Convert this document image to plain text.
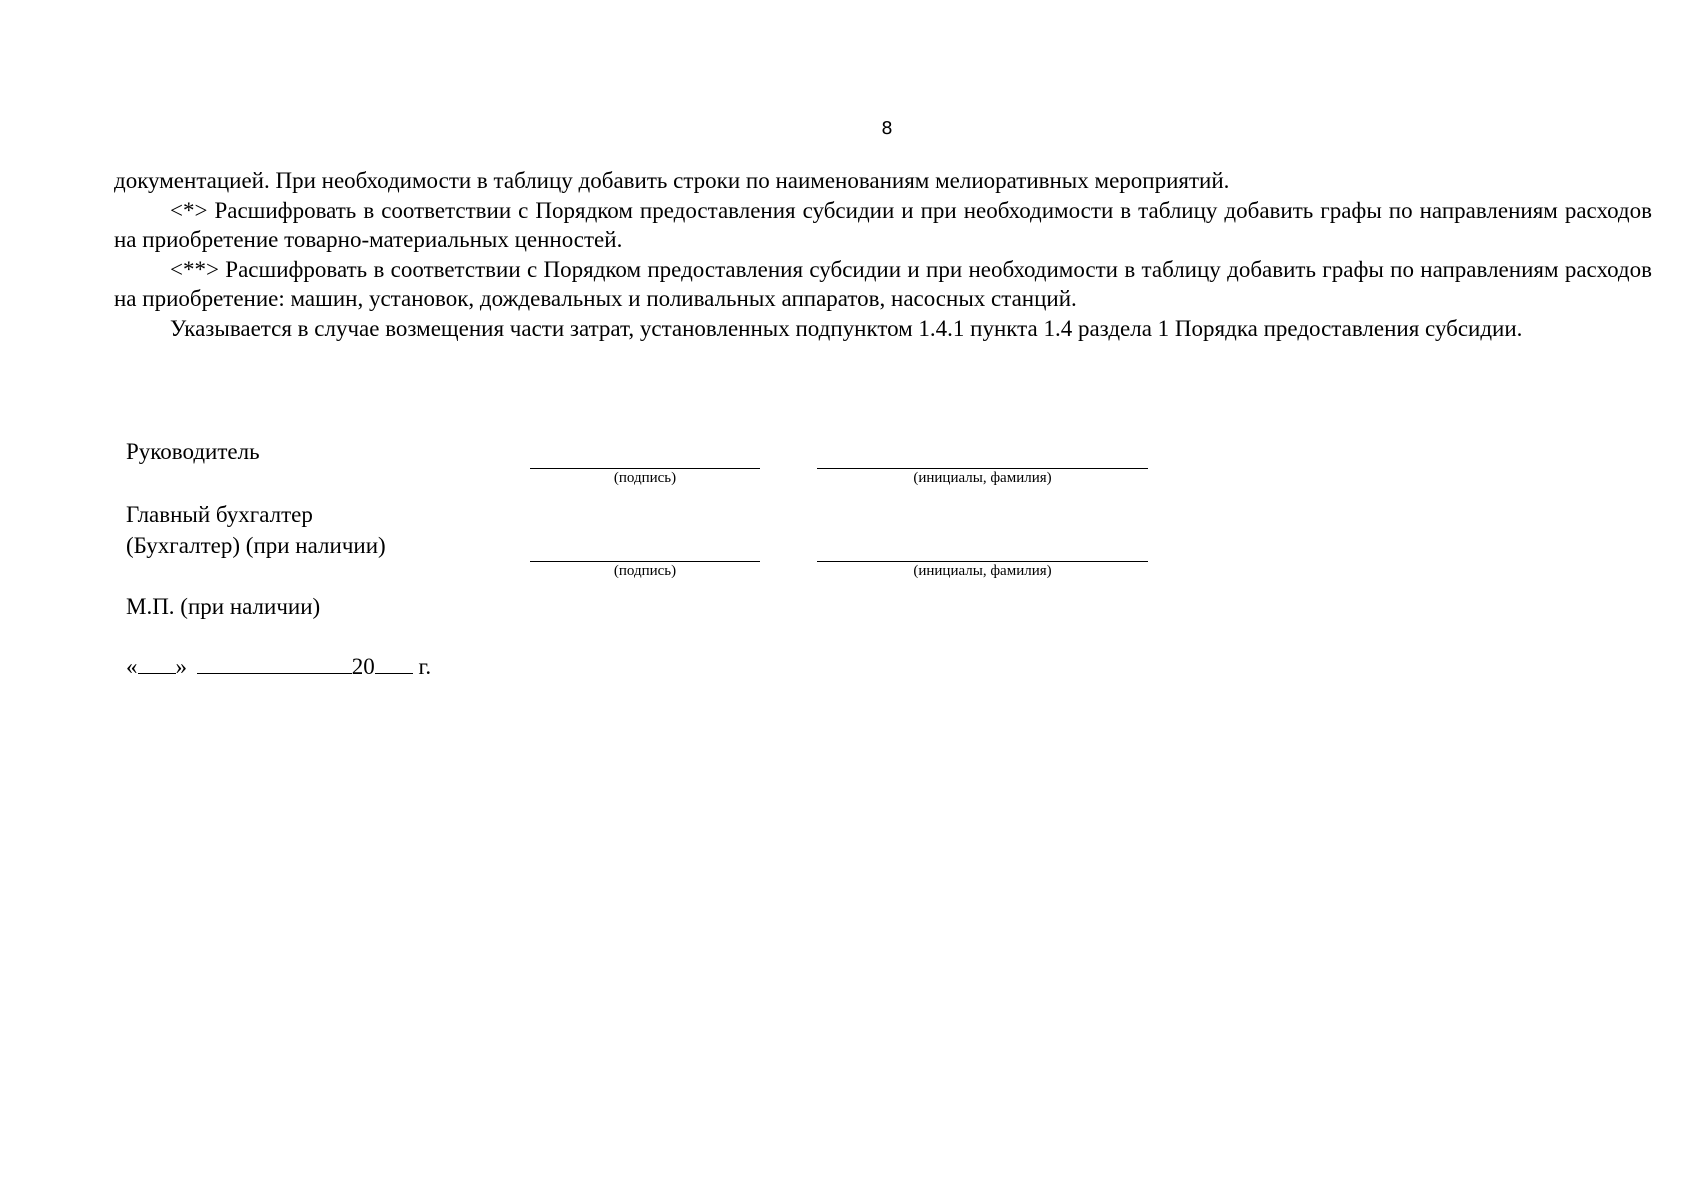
8

документацией. При необходимости в таблицу добавить строки по наименованиям мелиоративных мероприятий.

<*> Расшифровать в соответствии с Порядком предоставления субсидии и при необходимости в таблицу добавить графы по направлениям расходов на приобретение товарно-материальных ценностей.

<**> Расшифровать в соответствии с Порядком предоставления субсидии и при необходимости в таблицу добавить графы по направлениям расходов на приобретение: машин, установок, дождевальных и поливальных аппаратов, насосных станций.

Указывается в случае возмещения части затрат, установленных подпунктом 1.4.1 пункта 1.4 раздела 1 Порядка предоставления субсидии.

Руководитель
(подпись)	(инициалы, фамилия)
Главный бухгалтер
(Бухгалтер) (при наличии)
(подпись)	(инициалы, фамилия)
М.П. (при наличии)
« »	20 г.
